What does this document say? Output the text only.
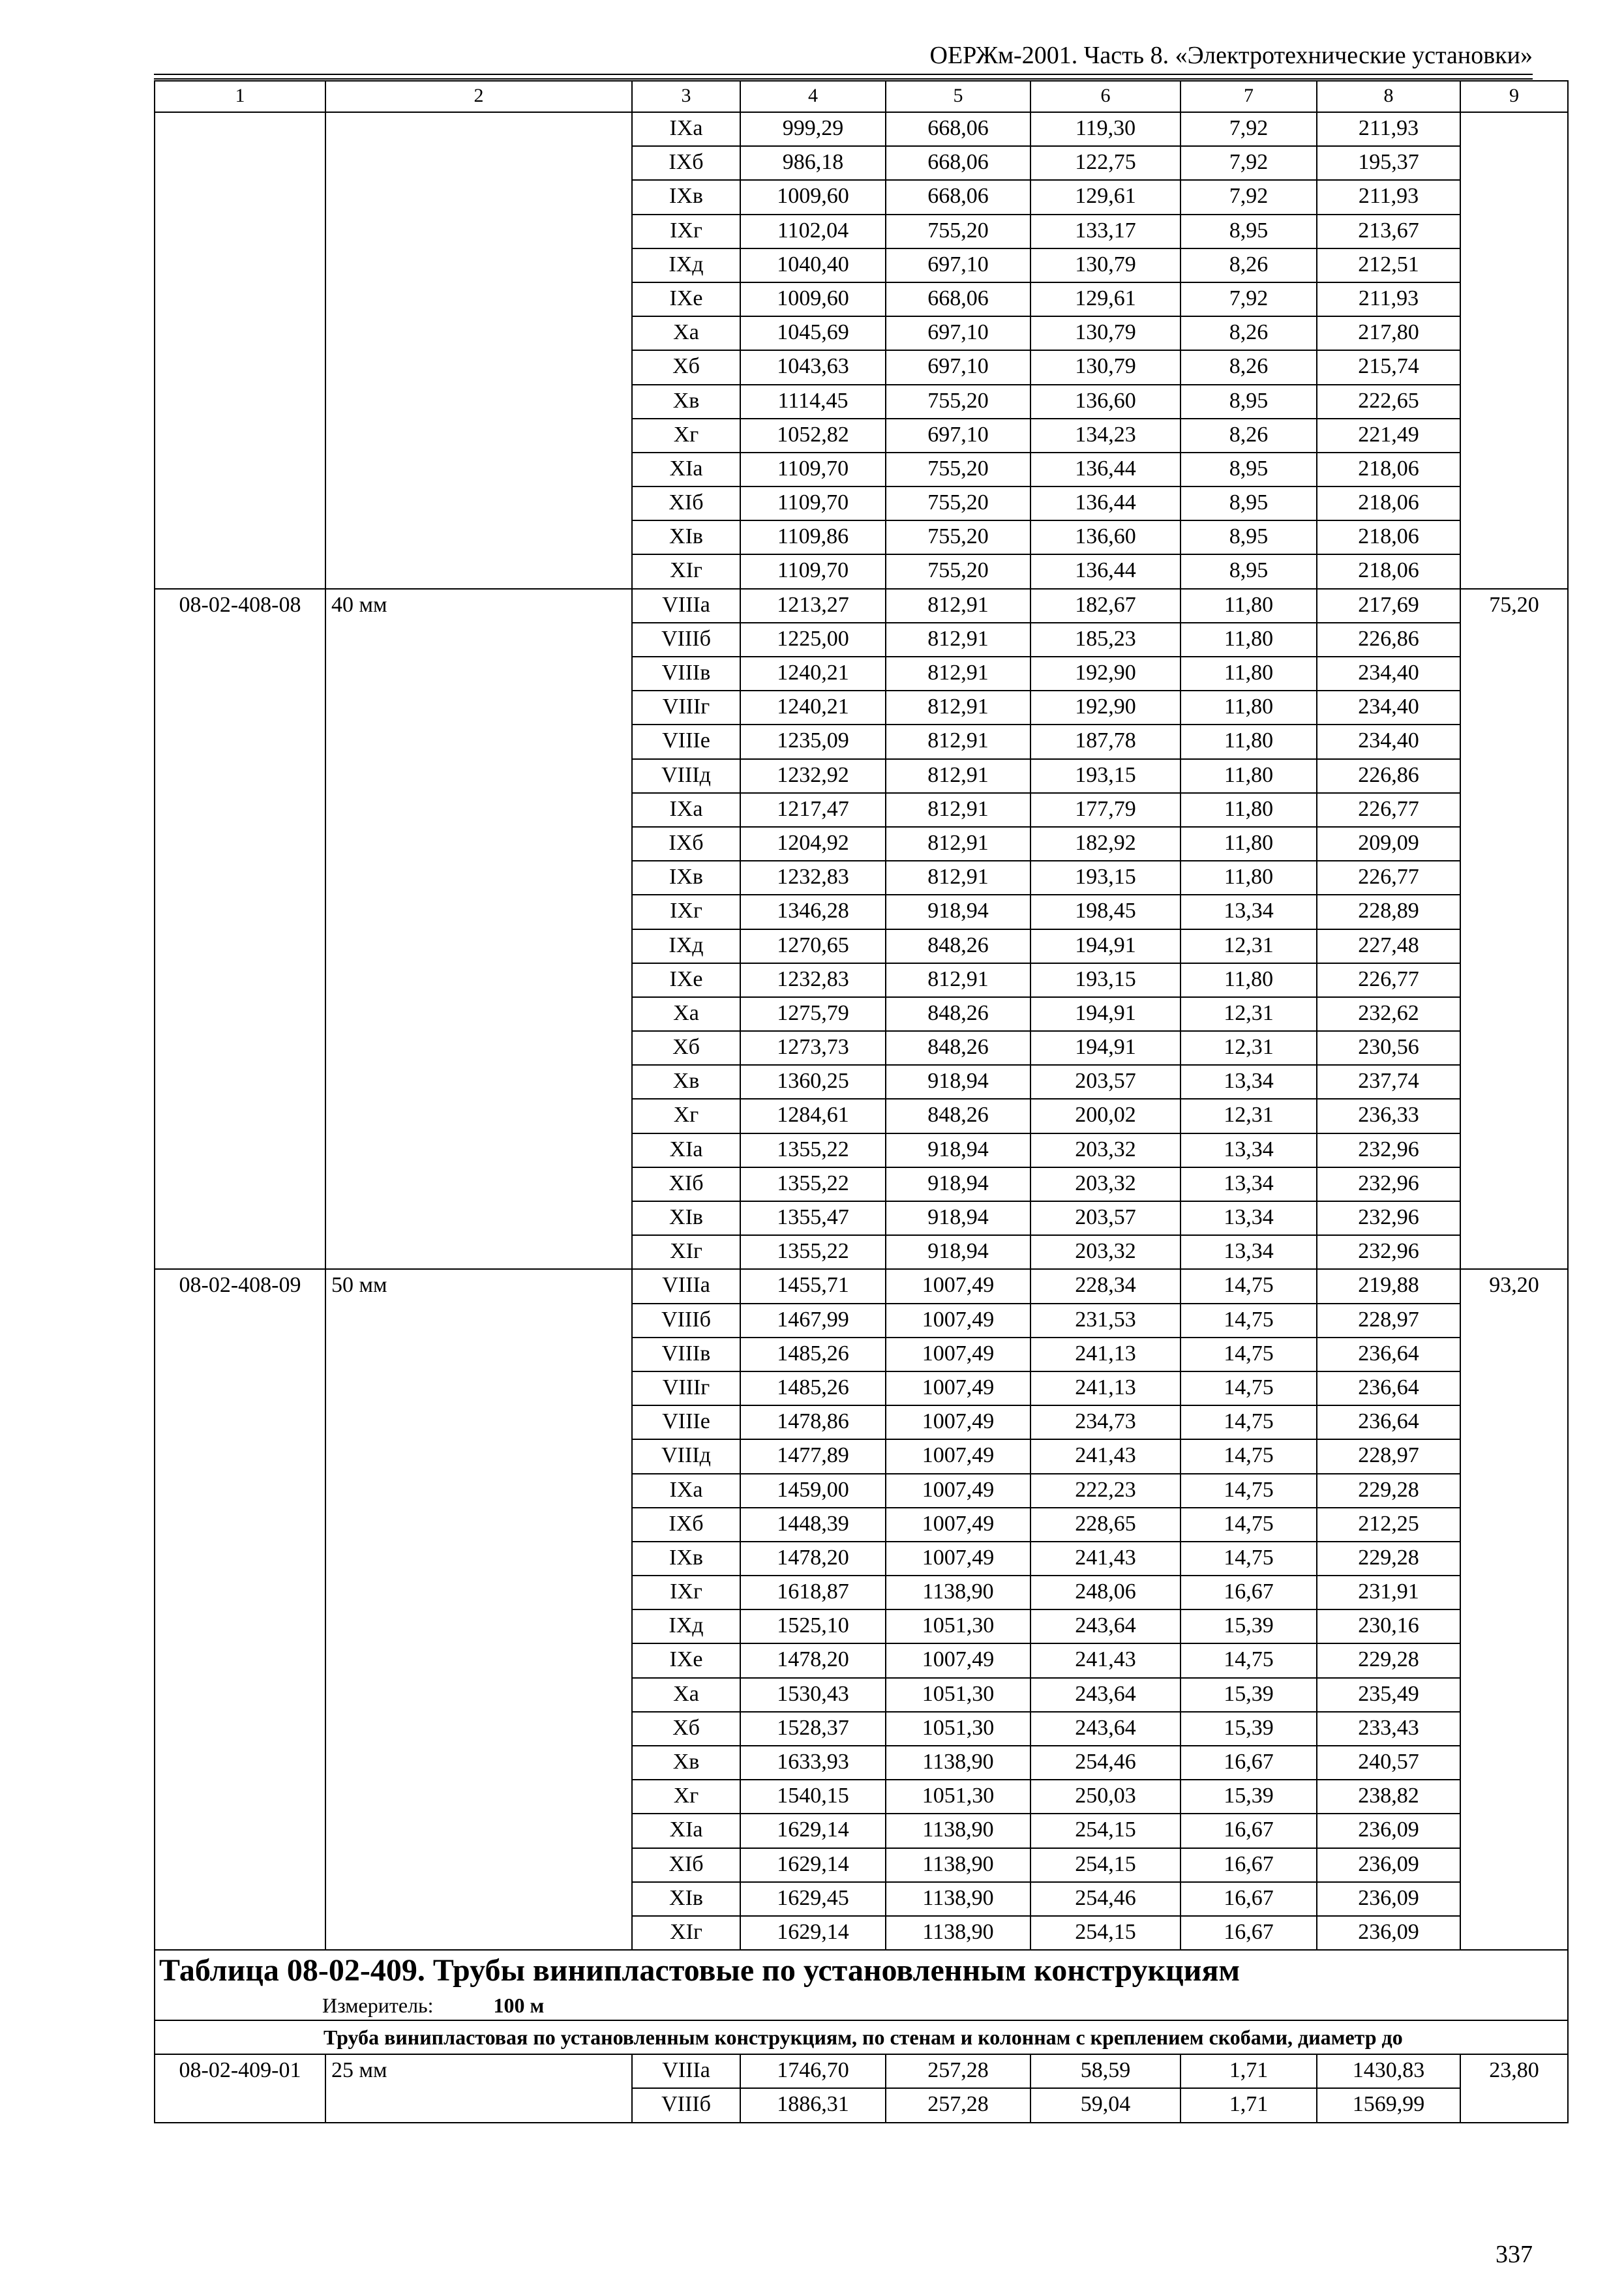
ОЕРЖм-2001. Часть 8. «Электротехнические установки»
1	2	3	4	5	6	7	8	9
		IXа	999,29	668,06	119,30	7,92	211,93	
		IXб	986,18	668,06	122,75	7,92	195,37	
		IXв	1009,60	668,06	129,61	7,92	211,93	
		IXг	1102,04	755,20	133,17	8,95	213,67	
		IXд	1040,40	697,10	130,79	8,26	212,51	
		IXе	1009,60	668,06	129,61	7,92	211,93	
		Xа	1045,69	697,10	130,79	8,26	217,80	
		Xб	1043,63	697,10	130,79	8,26	215,74	
		Xв	1114,45	755,20	136,60	8,95	222,65	
		Xг	1052,82	697,10	134,23	8,26	221,49	
		XIа	1109,70	755,20	136,44	8,95	218,06	
		XIб	1109,70	755,20	136,44	8,95	218,06	
		XIв	1109,86	755,20	136,60	8,95	218,06	
		XIг	1109,70	755,20	136,44	8,95	218,06	
08-02-408-08	40 мм	VIIIа	1213,27	812,91	182,67	11,80	217,69	75,20
		VIIIб	1225,00	812,91	185,23	11,80	226,86	
		VIIIв	1240,21	812,91	192,90	11,80	234,40	
		VIIIг	1240,21	812,91	192,90	11,80	234,40	
		VIIIе	1235,09	812,91	187,78	11,80	234,40	
		VIIIд	1232,92	812,91	193,15	11,80	226,86	
		IXа	1217,47	812,91	177,79	11,80	226,77	
		IXб	1204,92	812,91	182,92	11,80	209,09	
		IXв	1232,83	812,91	193,15	11,80	226,77	
		IXг	1346,28	918,94	198,45	13,34	228,89	
		IXд	1270,65	848,26	194,91	12,31	227,48	
		IXе	1232,83	812,91	193,15	11,80	226,77	
		Xа	1275,79	848,26	194,91	12,31	232,62	
		Xб	1273,73	848,26	194,91	12,31	230,56	
		Xв	1360,25	918,94	203,57	13,34	237,74	
		Xг	1284,61	848,26	200,02	12,31	236,33	
		XIа	1355,22	918,94	203,32	13,34	232,96	
		XIб	1355,22	918,94	203,32	13,34	232,96	
		XIв	1355,47	918,94	203,57	13,34	232,96	
		XIг	1355,22	918,94	203,32	13,34	232,96	
08-02-408-09	50 мм	VIIIа	1455,71	1007,49	228,34	14,75	219,88	93,20
		VIIIб	1467,99	1007,49	231,53	14,75	228,97	
		VIIIв	1485,26	1007,49	241,13	14,75	236,64	
		VIIIг	1485,26	1007,49	241,13	14,75	236,64	
		VIIIе	1478,86	1007,49	234,73	14,75	236,64	
		VIIIд	1477,89	1007,49	241,43	14,75	228,97	
		IXа	1459,00	1007,49	222,23	14,75	229,28	
		IXб	1448,39	1007,49	228,65	14,75	212,25	
		IXв	1478,20	1007,49	241,43	14,75	229,28	
		IXг	1618,87	1138,90	248,06	16,67	231,91	
		IXд	1525,10	1051,30	243,64	15,39	230,16	
		IXе	1478,20	1007,49	241,43	14,75	229,28	
		Xа	1530,43	1051,30	243,64	15,39	235,49	
		Xб	1528,37	1051,30	243,64	15,39	233,43	
		Xв	1633,93	1138,90	254,46	16,67	240,57	
		Xг	1540,15	1051,30	250,03	15,39	238,82	
		XIа	1629,14	1138,90	254,15	16,67	236,09	
		XIб	1629,14	1138,90	254,15	16,67	236,09	
		XIв	1629,45	1138,90	254,46	16,67	236,09	
		XIг	1629,14	1138,90	254,15	16,67	236,09	

Таблица 08-02-409. Трубы винипластовые по установленным конструкциям
Измеритель: 100 м								

Труба винипластовая по установленным конструкциям, по стенам и колоннам с креплением скобами, диаметр до								
08-02-409-01	25 мм	VIIIа	1746,70	257,28	58,59	1,71	1430,83	23,80
		VIIIб	1886,31	257,28	59,04	1,71	1569,99	
337
